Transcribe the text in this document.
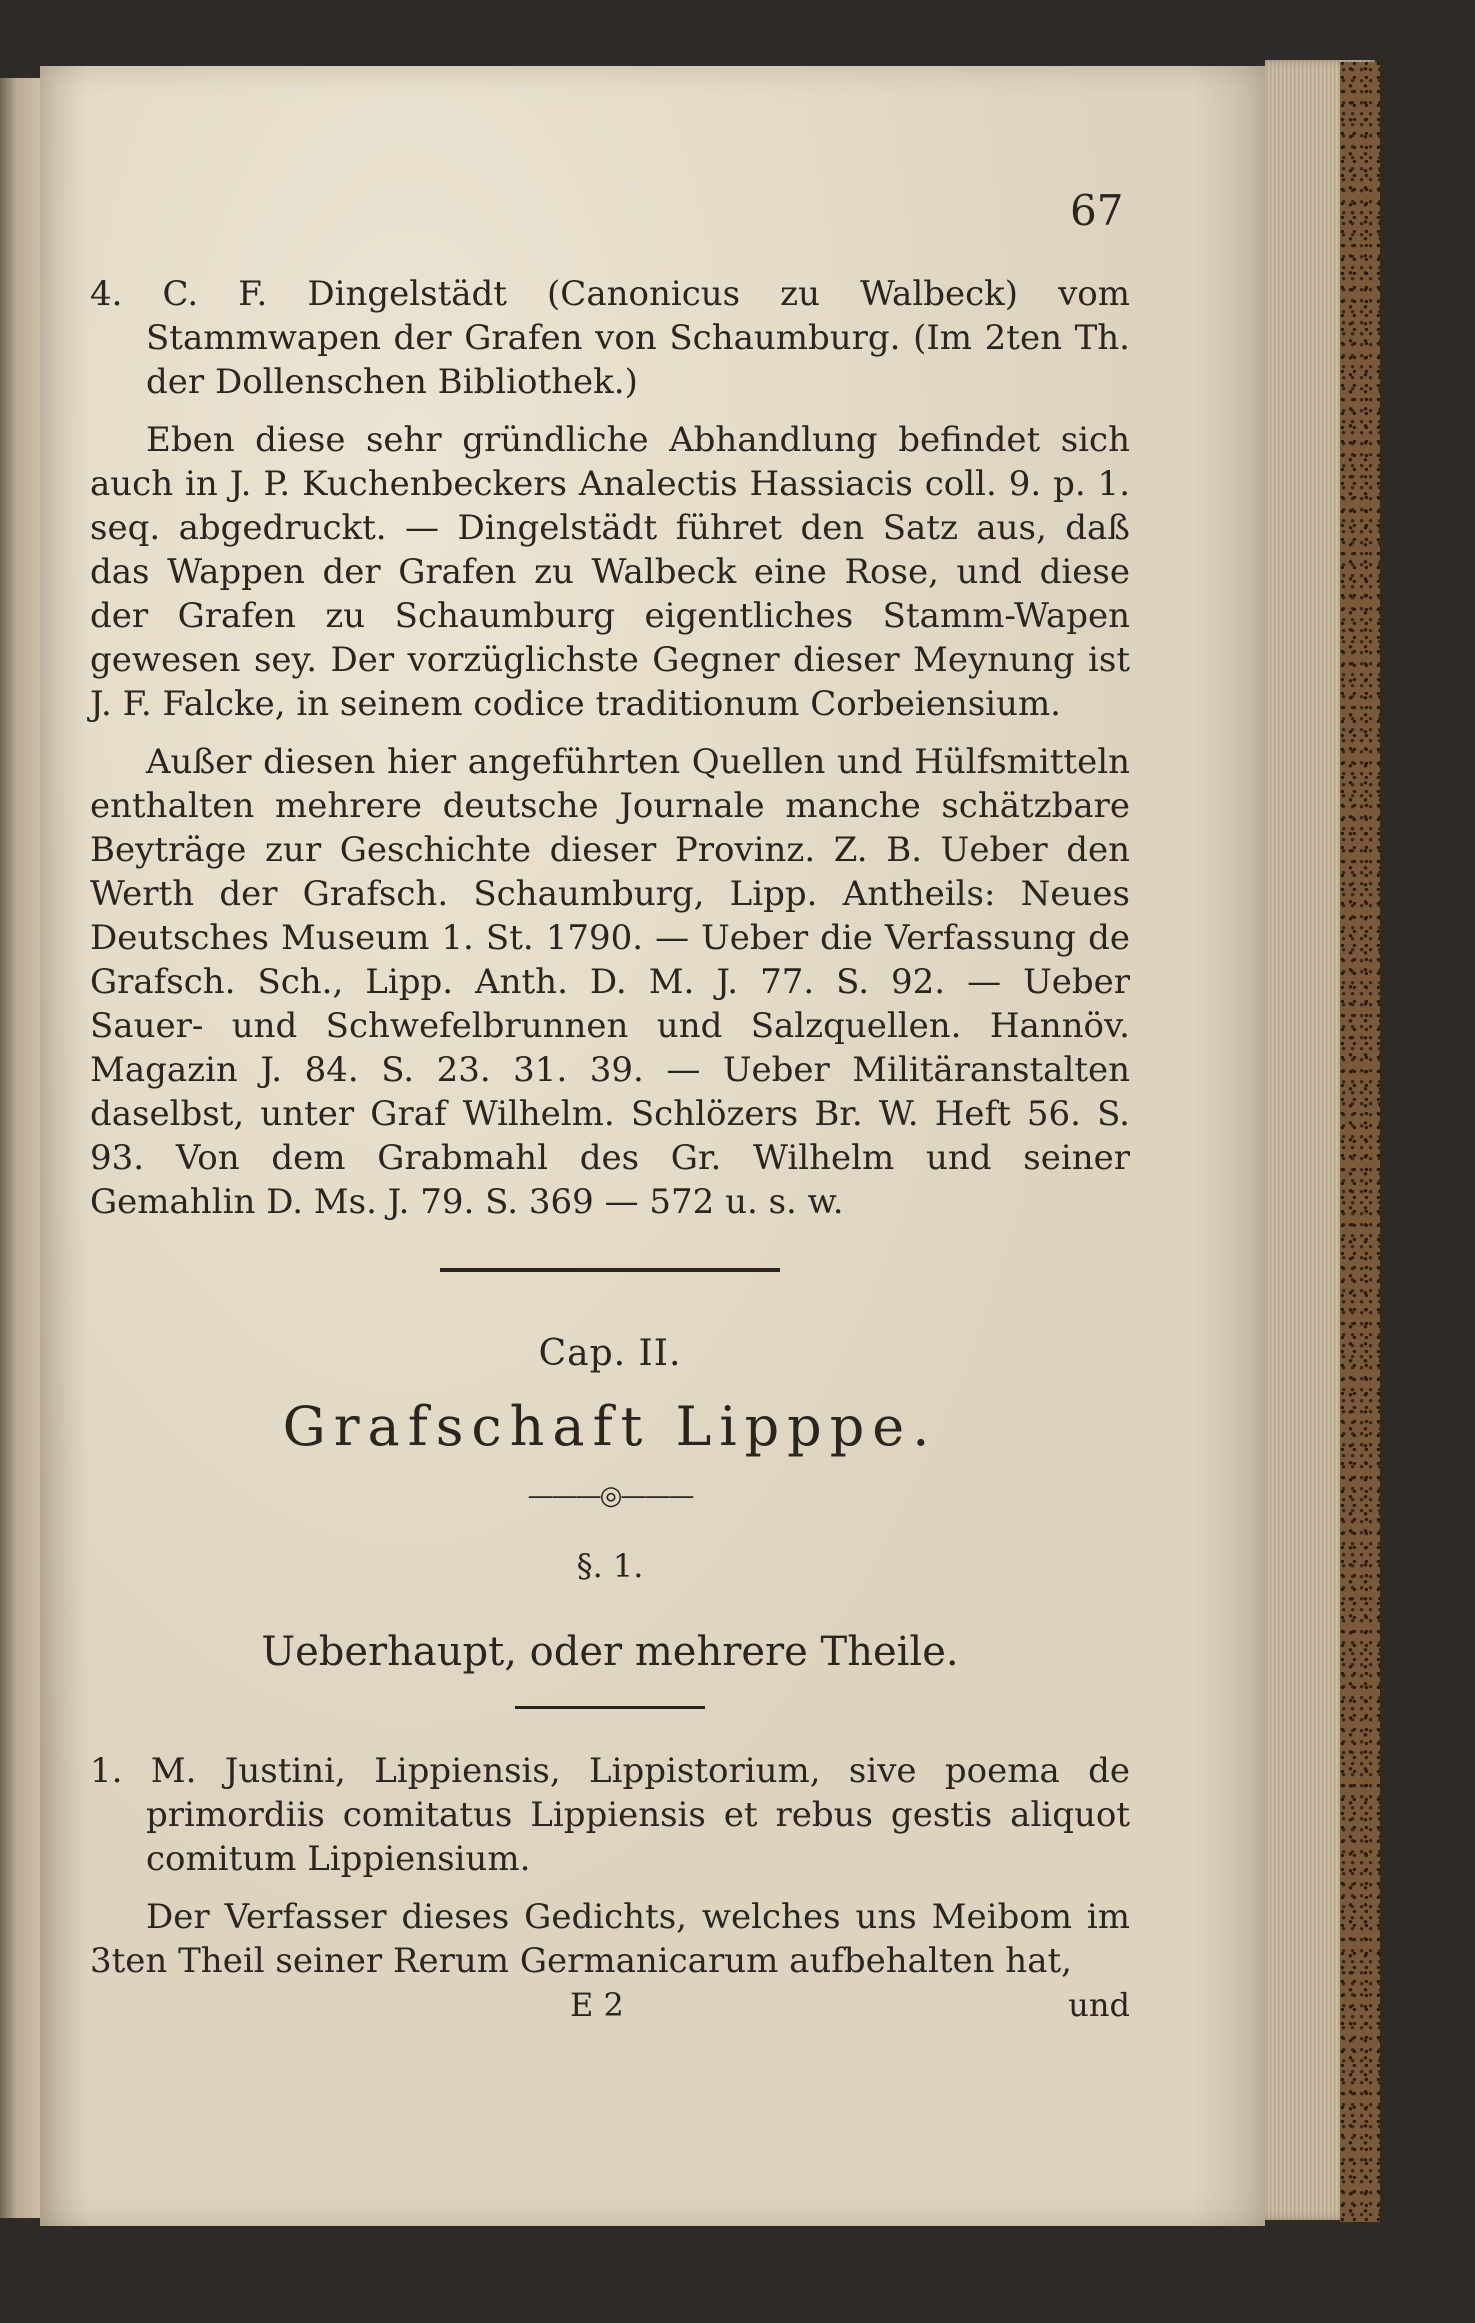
67

4. C. F. Dingelstädt (Canonicus zu Walbeck) vom Stammwapen der Grafen von Schaumburg. (Im 2ten Th. der Dollenschen Bibliothek.)

Eben diese sehr gründliche Abhandlung befindet sich auch in J. P. Kuchenbeckers Analectis Hassiacis coll. 9. p. 1. seq. abgedruckt. — Dingelstädt führet den Satz aus, daß das Wappen der Grafen zu Walbeck eine Rose, und diese der Grafen zu Schaumburg eigentliches Stamm-Wapen gewesen sey. Der vorzüglichste Gegner dieser Meynung ist J. F. Falcke, in seinem codice traditionum Corbeiensium.

Außer diesen hier angeführten Quellen und Hülfsmitteln enthalten mehrere deutsche Journale manche schätzbare Beyträge zur Geschichte dieser Provinz. Z. B. Ueber den Werth der Grafsch. Schaumburg, Lipp. Antheils: Neues Deutsches Museum 1. St. 1790. — Ueber die Verfassung de Grafsch. Sch., Lipp. Anth. D. M. J. 77. S. 92. — Ueber Sauer- und Schwefelbrunnen und Salzquellen. Hannöv. Magazin J. 84. S. 23. 31. 39. — Ueber Militäranstalten daselbst, unter Graf Wilhelm. Schlözers Br. W. Heft 56. S. 93. Von dem Grabmahl des Gr. Wilhelm und seiner Gemahlin D. Ms. J. 79. S. 369 — 572 u. s. w.

Cap. II.

Grafschaft Lipppe.

———◎———

§. 1.

Ueberhaupt, oder mehrere Theile.

1. M. Justini, Lippiensis, Lippistorium, sive poema de primordiis comitatus Lippiensis et rebus gestis aliquot comitum Lippiensium.

Der Verfasser dieses Gedichts, welches uns Meibom im 3ten Theil seiner Rerum Germanicarum aufbehalten hat,

E 2	und
